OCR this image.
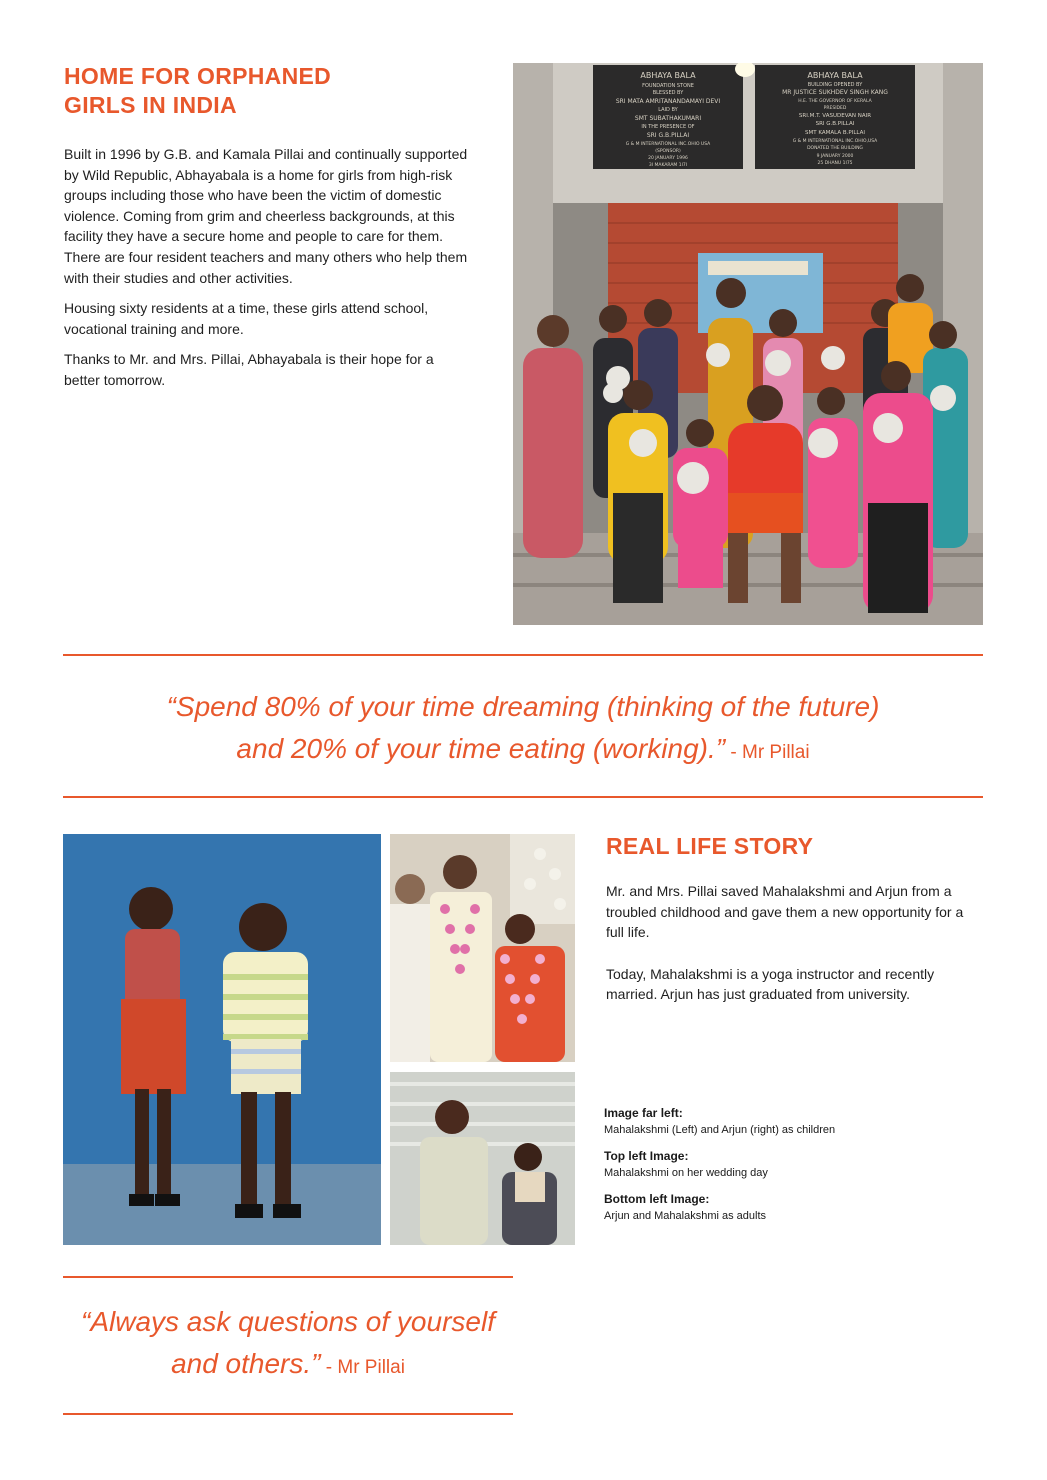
HOME FOR ORPHANED
GIRLS IN INDIA

Built in 1996 by G.B. and Kamala Pillai and continually supported by Wild Republic, Abhayabala is a home for girls from high-risk groups including those who have been the victim of domestic violence. Coming from grim and cheerless backgrounds, at this facility they have a secure home and people to care for them. There are four resident teachers and many others who help them with their studies and other activities.

Housing sixty residents at a time, these girls attend school, vocational training and more.

Thanks to Mr. and Mrs. Pillai, Abhayabala is their hope for a better tomorrow.

ABHAYA BALA
FOUNDATION STONE
BLESSED BY
SRI MATA AMRITANANDAMAYI DEVI
LAID BY
SMT SUBATHAKUMARI
IN THE PRESENCE OF
SRI G.B.PILLAI
G & M INTERNATIONAL INC.OHIO USA
(SPONSOR)
20 JANUARY 1996
3I MAKARAM 1I7I
ABHAYA BALA
BUILDING OPENED BY
MR JUSTICE SUKHDEV SINGH KANG
H.E. THE GOVERNOR OF KERALA
PRESIDED
SRI.M.T. VASUDEVAN NAIR
SRI G.B.PILLAI
SMT KAMALA B.PILLAI
G & M INTERNATIONAL INC.OHIO,USA
DONATED THE BUILDING
9 JANUARY 2000
25 DHANU 1I75
“Spend 80% of your time dreaming (thinking of the future)
and 20% of your time eating (working).” - Mr Pillai
REAL LIFE STORY

Mr. and Mrs. Pillai saved Mahalakshmi and Arjun from a troubled childhood and gave them a new opportunity for a full life.

Today, Mahalakshmi is a yoga instructor and recently married. Arjun has just graduated from university.

Image far left:
Mahalakshmi (Left) and Arjun (right) as children
Top left Image:
Mahalakshmi on her wedding day
Bottom left Image:
Arjun and Mahalakshmi as adults
“Always ask questions of yourself
and others.” - Mr Pillai
